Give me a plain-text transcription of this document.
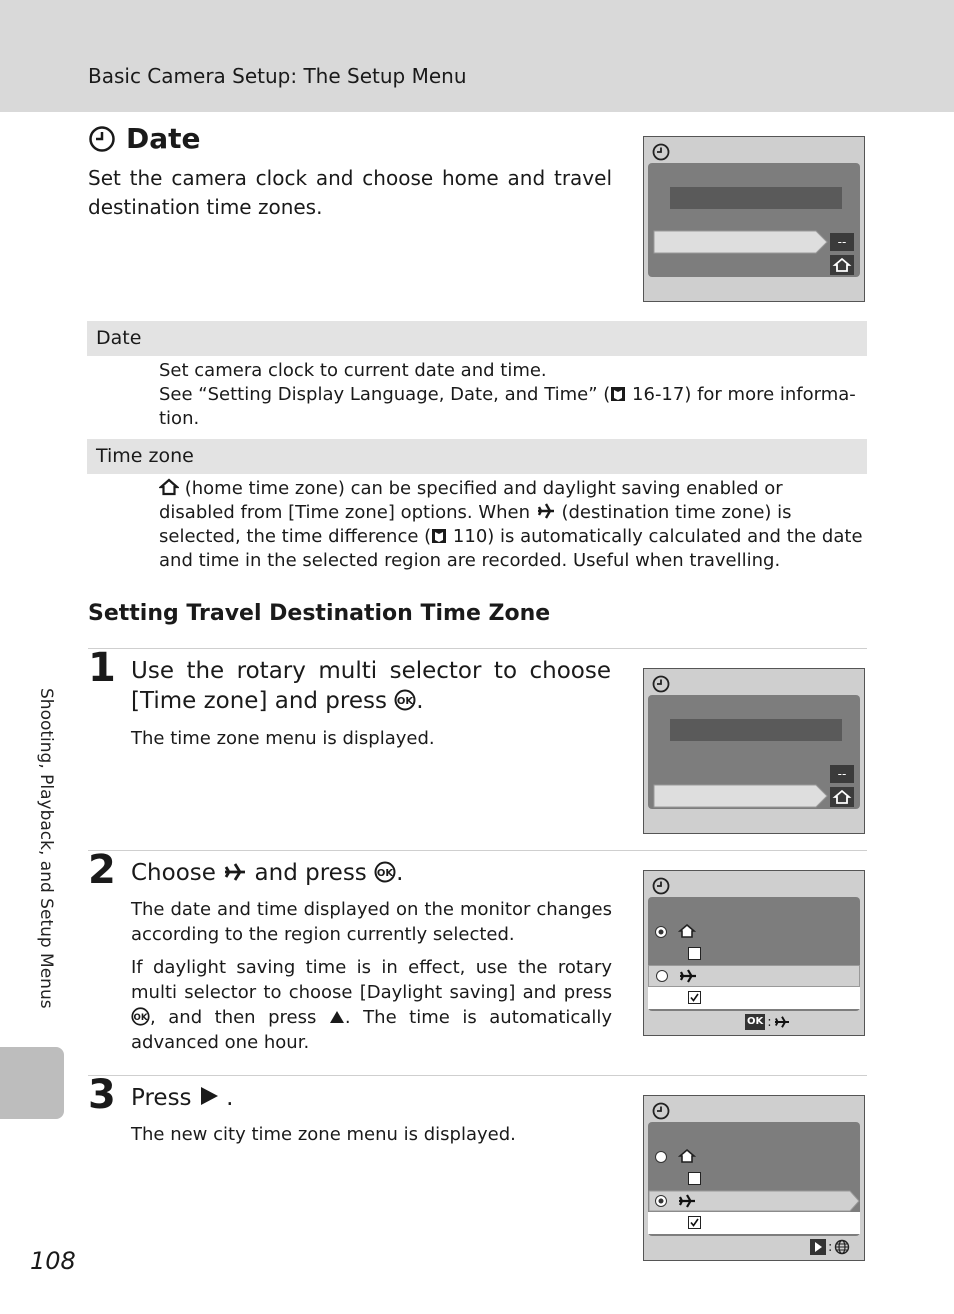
Basic Camera Setup: The Setup Menu
Shooting, Playback, and Setup Menus
108
Date
Set the camera clock and choose home and travel destination time zones.
--
Date

Set camera clock to current date and time.

See “Setting Display Language, Date, and Time” (
16-17) for more informa-

tion.

Time zone

(home time zone) can be specified and daylight saving enabled or disabled from [Time zone] options. When
(destination time zone) is selected, the time difference (
110) is automatically calculated and the date and time in the selected region are recorded. Useful when travelling.

Setting Travel Destination Time Zone
1 Use the rotary multi selector to choose [Time zone] and press OK .
The time zone menu is displayed.
--
2 Choose
and press OK .

The date and time displayed on the monitor changes according to the region currently selected.

If daylight saving time is in effect, use the rotary multi selector to choose [Daylight saving] and press
OK , and then press
. The time is automatically advanced one hour.

OK :
3 Press
.
The new city time zone menu is displayed.
:
